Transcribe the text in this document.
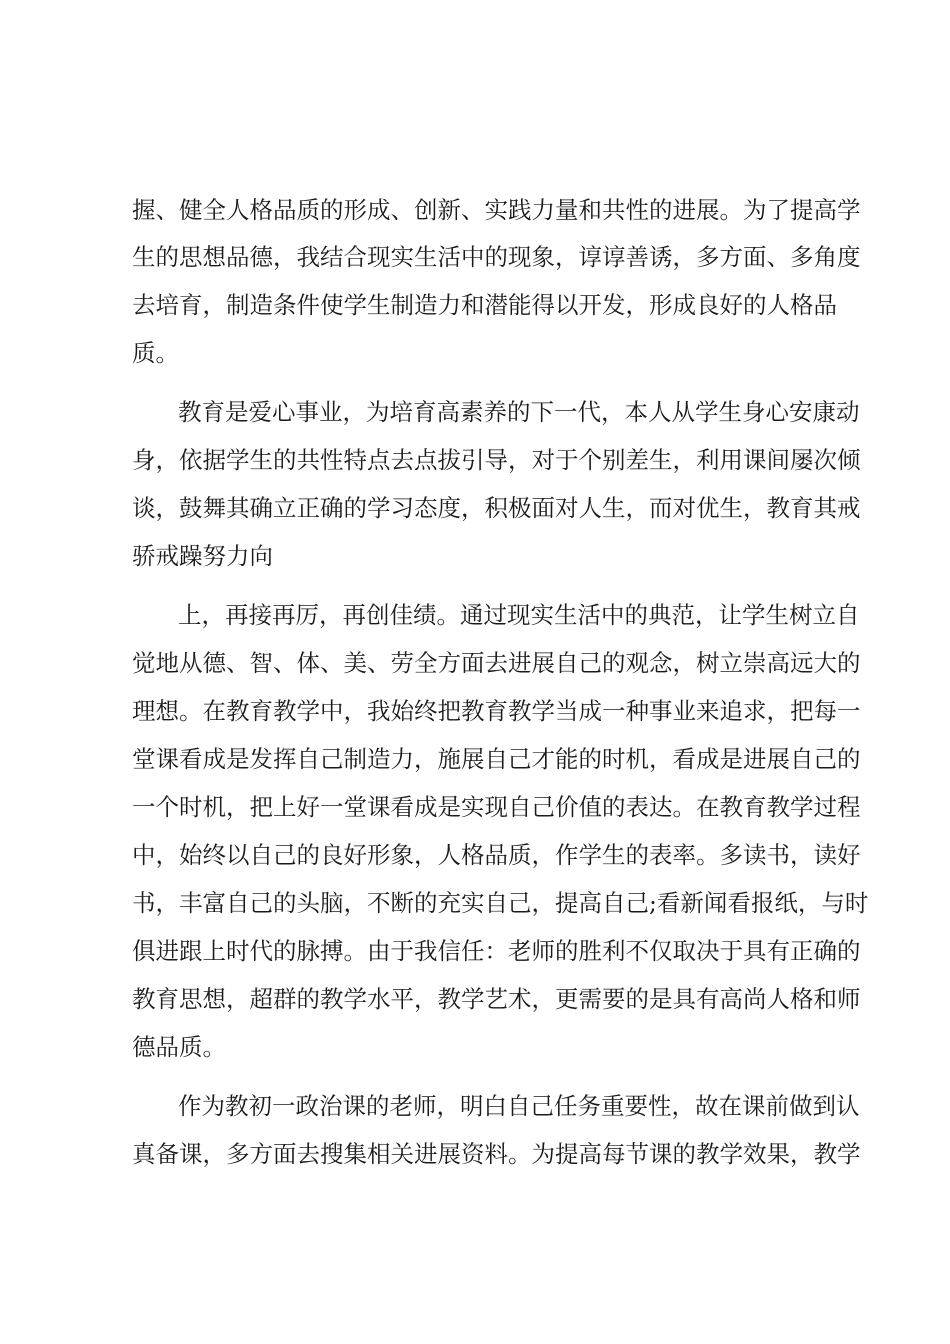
握、健全人格品质的形成、创新、实践力量和共性的进展。为了提高学
生的思想品德，我结合现实生活中的现象，谆谆善诱，多方面、多角度
去培育，制造条件使学生制造力和潜能得以开发，形成良好的人格品
质。
教育是爱心事业，为培育高素养的下一代，本人从学生身心安康动
身，依据学生的共性特点去点拔引导，对于个别差生，利用课间屡次倾
谈，鼓舞其确立正确的学习态度，积极面对人生，而对优生，教育其戒
骄戒躁努力向
上，再接再厉，再创佳绩。通过现实生活中的典范，让学生树立自
觉地从德、智、体、美、劳全方面去进展自己的观念，树立崇高远大的
理想。在教育教学中，我始终把教育教学当成一种事业来追求，把每一
堂课看成是发挥自己制造力，施展自己才能的时机，看成是进展自己的
一个时机，把上好一堂课看成是实现自己价值的表达。在教育教学过程
中，始终以自己的良好形象，人格品质，作学生的表率。多读书，读好
书，丰富自己的头脑，不断的充实自己，提高自己;看新闻看报纸，与时
俱进跟上时代的脉搏。由于我信任：老师的胜利不仅取决于具有正确的
教育思想，超群的教学水平，教学艺术，更需要的是具有高尚人格和师
德品质。
作为教初一政治课的老师，明白自己任务重要性，故在课前做到认
真备课，多方面去搜集相关进展资料。为提高每节课的教学效果，教学
